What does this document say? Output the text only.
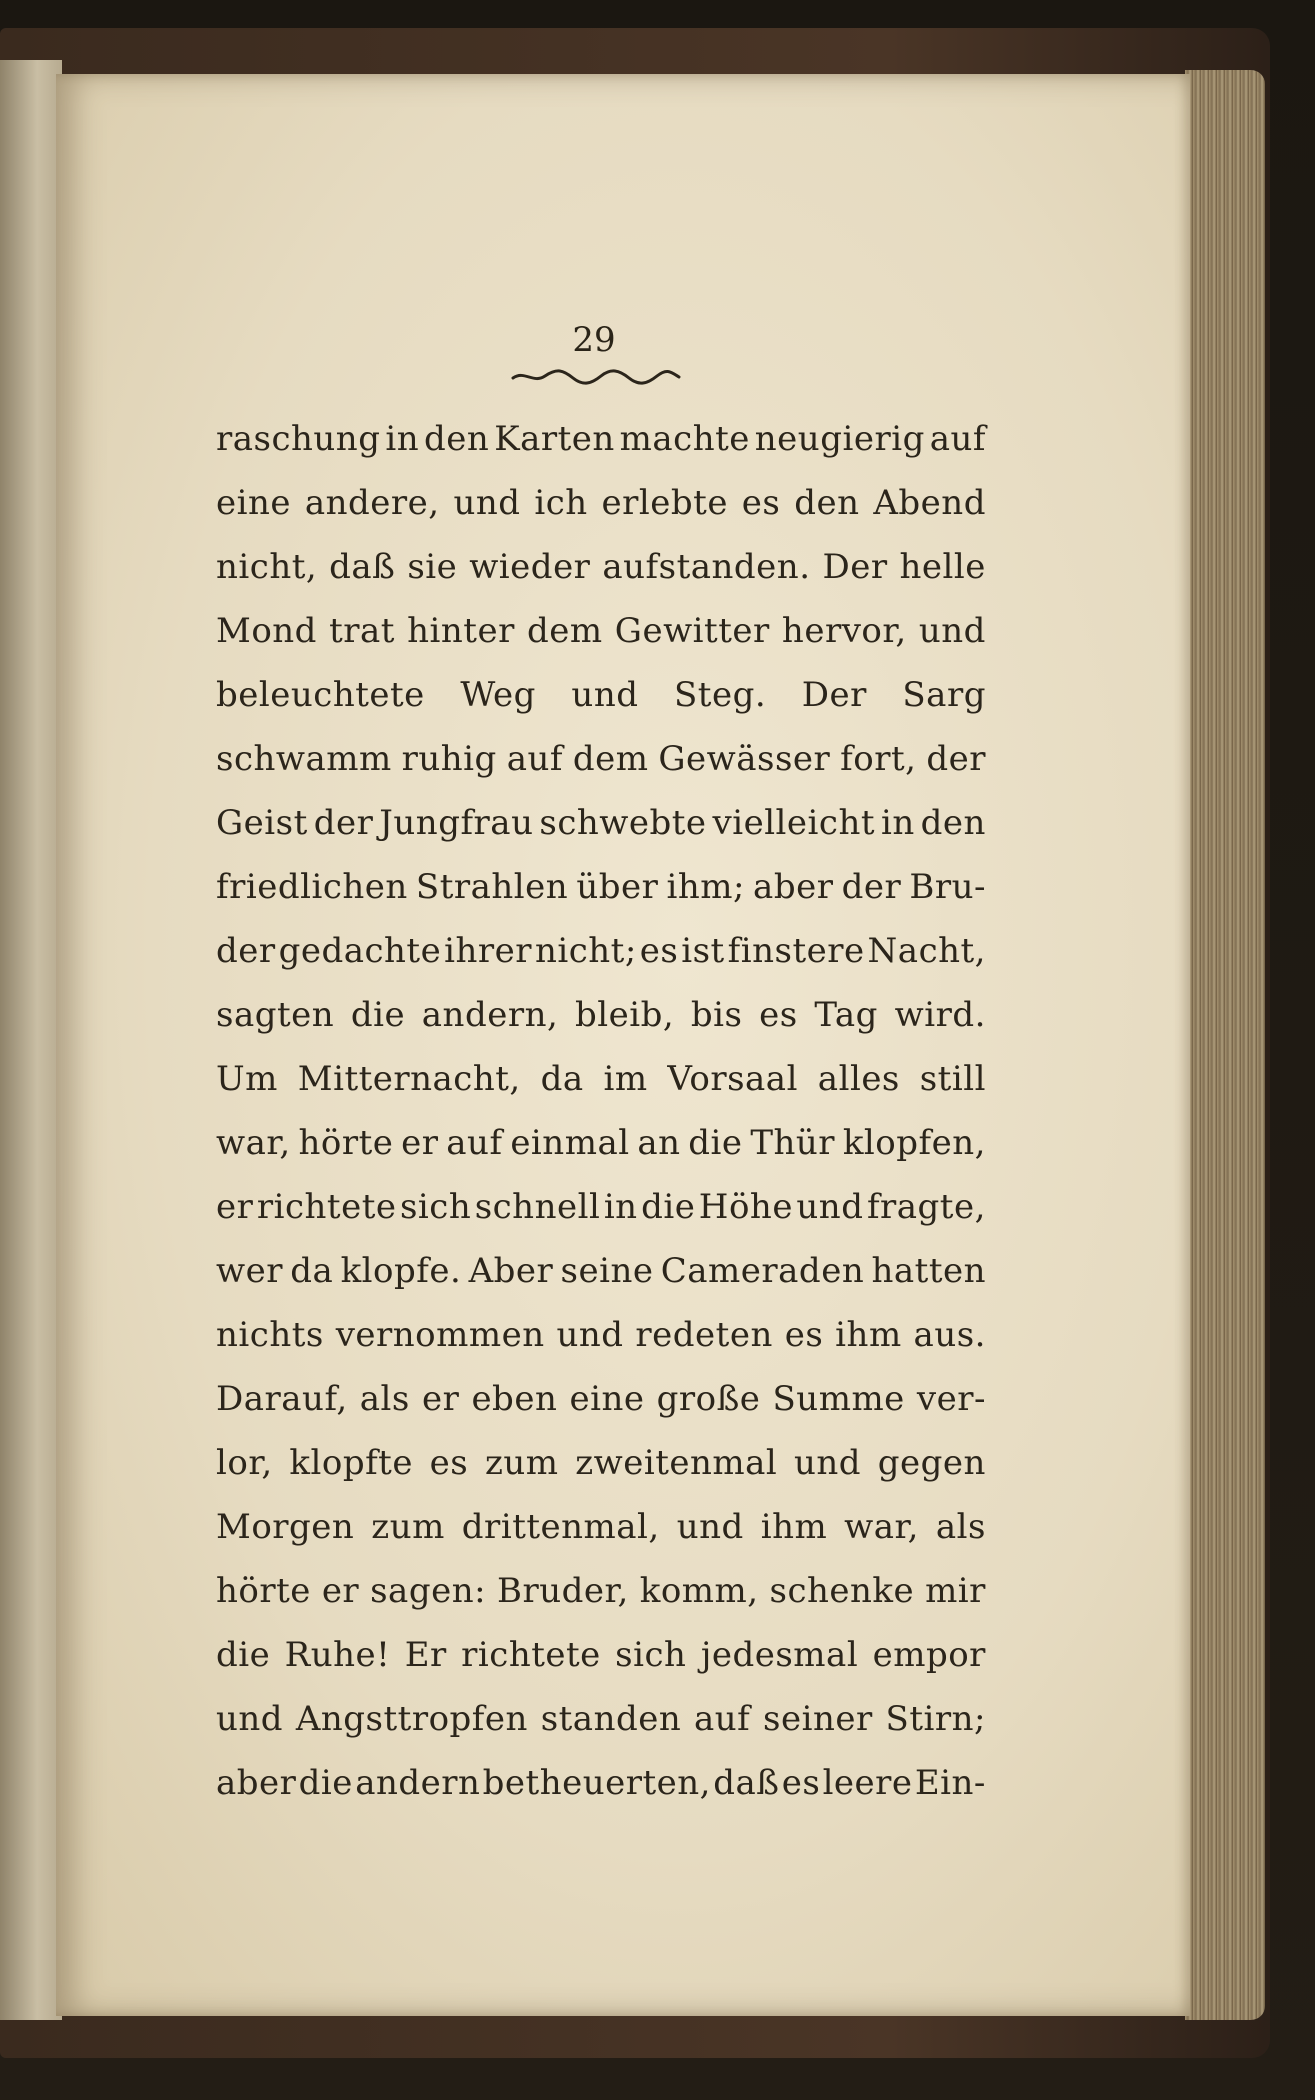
29
raschung in den Karten machte neugierig auf
eine andere, und ich erlebte es den Abend
nicht, daß sie wieder aufstanden. Der helle
Mond trat hinter dem Gewitter hervor, und
beleuchtete Weg und Steg. Der Sarg
schwamm ruhig auf dem Gewässer fort, der
Geist der Jungfrau schwebte vielleicht in den
friedlichen Strahlen über ihm; aber der Bru-
der gedachte ihrer nicht; es ist finstere Nacht,
sagten die andern, bleib, bis es Tag wird.
Um Mitternacht, da im Vorsaal alles still
war, hörte er auf einmal an die Thür klopfen,
er richtete sich schnell in die Höhe und fragte,
wer da klopfe. Aber seine Cameraden hatten
nichts vernommen und redeten es ihm aus.
Darauf, als er eben eine große Summe ver-
lor, klopfte es zum zweitenmal und gegen
Morgen zum drittenmal, und ihm war, als
hörte er sagen: Bruder, komm, schenke mir
die Ruhe! Er richtete sich jedesmal empor
und Angsttropfen standen auf seiner Stirn;
aber die andern betheuerten, daß es leere Ein-
